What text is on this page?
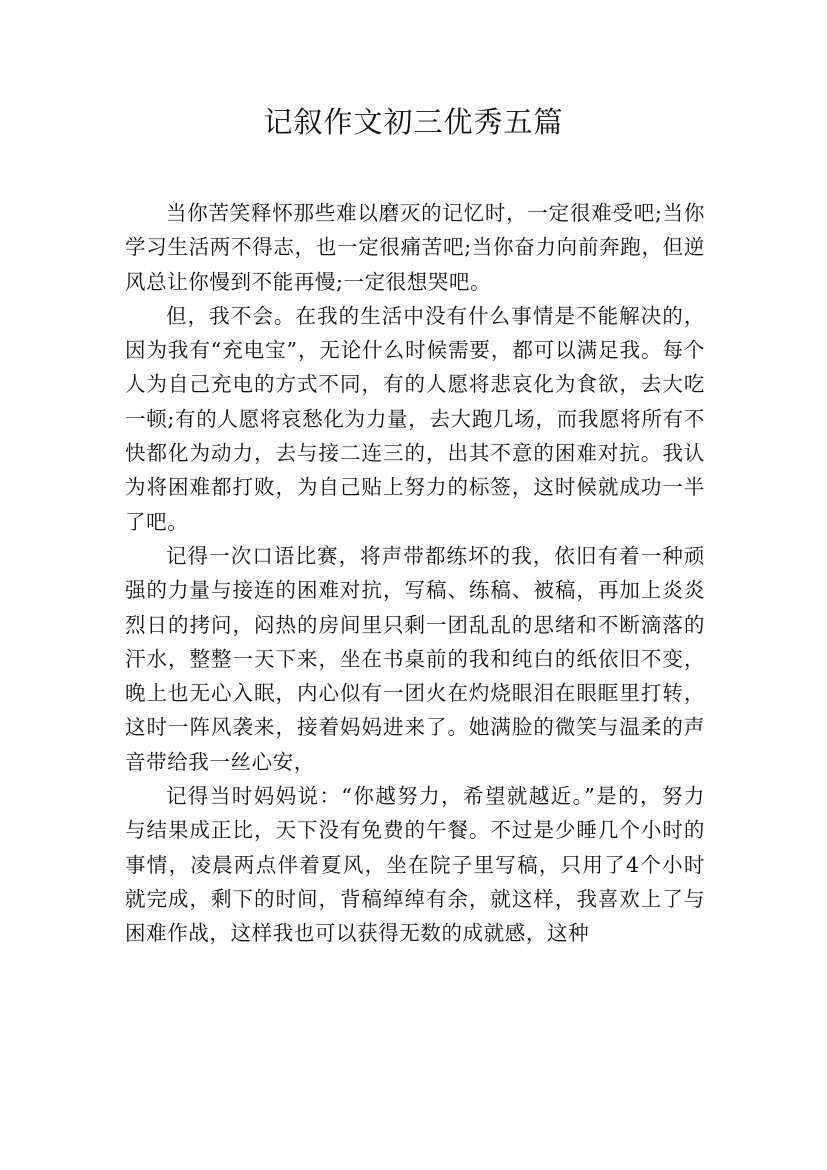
记叙作文初三优秀五篇

当你苦笑释怀那些难以磨灭的记忆时，一定很难受吧;当你学习生活两不得志，也一定很痛苦吧;当你奋力向前奔跑，但逆风总让你慢到不能再慢;一定很想哭吧。

但，我不会。在我的生活中没有什么事情是不能解决的，因为我有“充电宝”，无论什么时候需要，都可以满足我。每个人为自己充电的方式不同，有的人愿将悲哀化为食欲，去大吃一顿;有的人愿将哀愁化为力量，去大跑几场，而我愿将所有不快都化为动力，去与接二连三的，出其不意的困难对抗。我认为将困难都打败，为自己贴上努力的标签，这时候就成功一半了吧。

记得一次口语比赛，将声带都练坏的我，依旧有着一种顽强的力量与接连的困难对抗，写稿、练稿、被稿，再加上炎炎烈日的拷问，闷热的房间里只剩一团乱乱的思绪和不断滴落的汗水，整整一天下来，坐在书桌前的我和纯白的纸依旧不变，晚上也无心入眠，内心似有一团火在灼烧眼泪在眼眶里打转，这时一阵风袭来，接着妈妈进来了。她满脸的微笑与温柔的声音带给我一丝心安，

记得当时妈妈说：“你越努力，希望就越近。”是的，努力与结果成正比，天下没有免费的午餐。不过是少睡几个小时的事情，凌晨两点伴着夏风，坐在院子里写稿，只用了4个小时就完成，剩下的时间，背稿绰绰有余，就这样，我喜欢上了与困难作战，这样我也可以获得无数的成就感，这种
